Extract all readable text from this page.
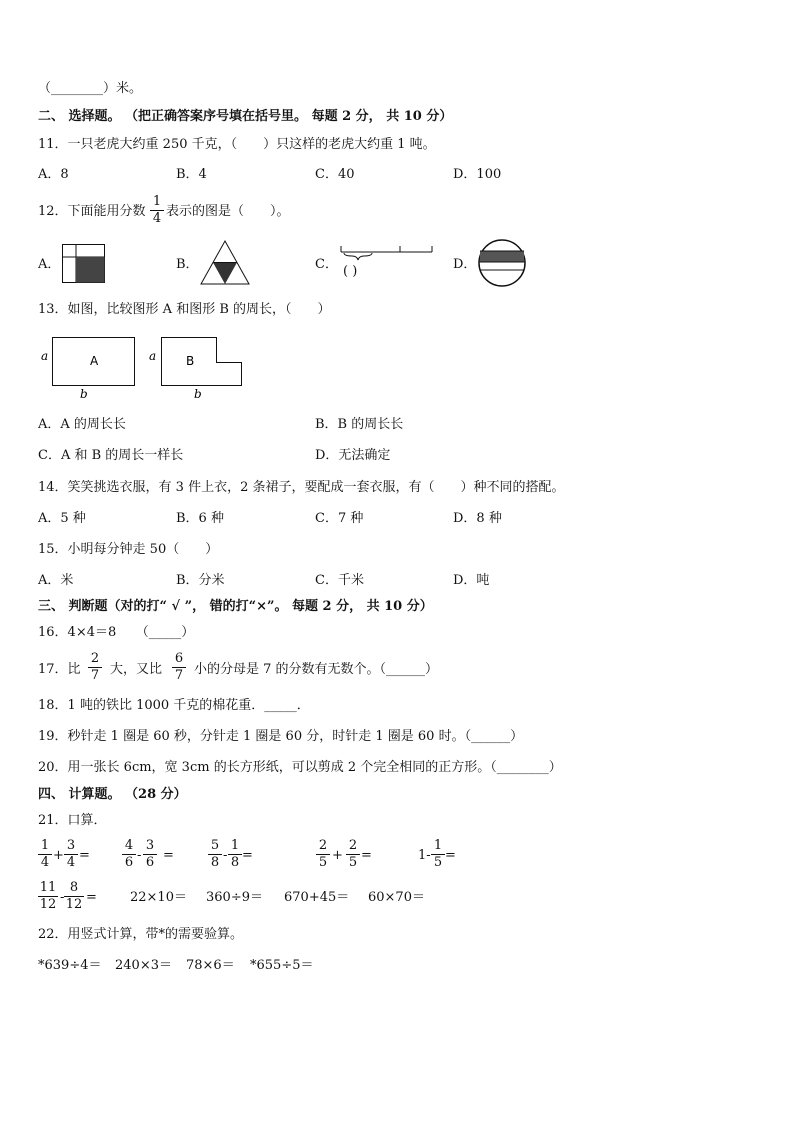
（________）米。
二、 选择题。 （把正确答案序号填在括号里。 每题 2 分， 共 10 分）
11．一只老虎大约重 250 千克，（　　）只这样的老虎大约重 1 吨。
A．8	B．4	C．40	D．100
12．下面能用分数 $\frac{1}{4}$ 表示的图是（　　）。
A．	B．	C． ( )	D．
13．如图，比较图形 A 和图形 B 的周长，（　　）
A
a
b
B
a
b
A．A 的周长长	B．B 的周长长
C．A 和 B 的周长一样长	D．无法确定
14．笑笑挑选衣服，有 3 件上衣，2 条裙子，要配成一套衣服，有（　　）种不同的搭配。
A．5 种	B．6 种	C．7 种	D．8 种
15．小明每分钟走 50（　　）
A．米	B．分米	C．千米	D．吨
三、 判断题（对的打“ √ ”， 错的打“×”。 每题 2 分， 共 10 分）
16．4×4＝8　　（_____）
17．比 $\frac{2}{7}$ 大，又比 $\frac{6}{7}$ 小的分母是 7 的分数有无数个。（______）
18．1 吨的铁比 1000 千克的棉花重．_____．
19．秒针走 1 圈是 60 秒，分针走 1 圈是 60 分，时针走 1 圈是 60 时。（______）
20．用一张长 6cm，宽 3cm 的长方形纸，可以剪成 2 个完全相同的正方形。（________）
四、 计算题。 （28 分）
21．口算．
$\frac{1}{4} + \frac{3}{4} = \frac{4}{6} - \frac{3}{6}$ =	$\frac{5}{8} - \frac{1}{8}$ =	$\frac{2}{5} + \frac{2}{5}$ =	$1- \frac{1}{5}$ =
$\frac{11}{12} - \frac{8}{12}$ =	22×10＝ 360÷9＝ 670+45＝ 60×70＝
22．用竖式计算，带*的需要验算。
*639÷4＝ 240×3＝ 78×6＝ *655÷5＝
